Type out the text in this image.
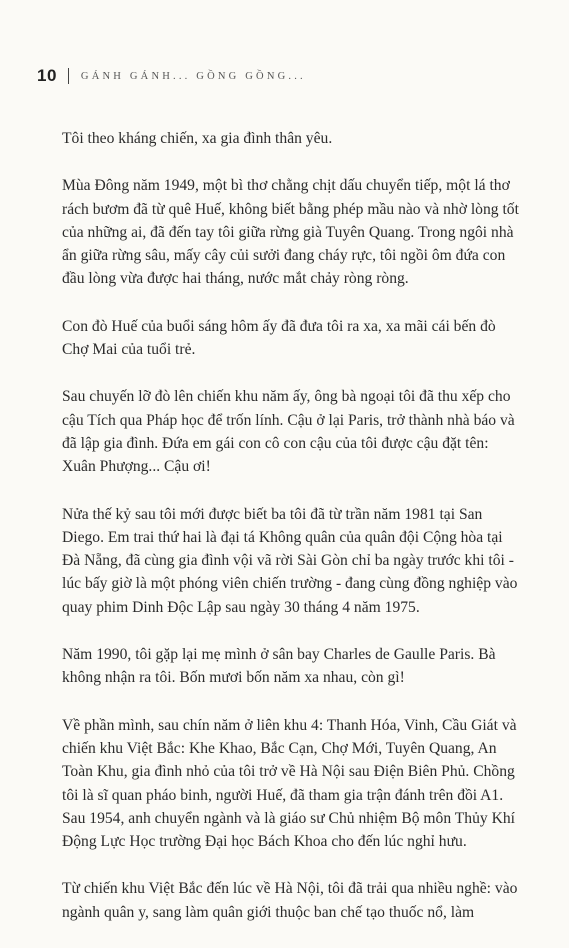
10 GÁNH GÁNH... GỒNG GỒNG...

Tôi theo kháng chiến, xa gia đình thân yêu.

Mùa Đông năm 1949, một bì thơ chằng chịt dấu chuyển tiếp, một lá thơ rách bươm đã từ quê Huế, không biết bằng phép mầu nào và nhờ lòng tốt của những ai, đã đến tay tôi giữa rừng già Tuyên Quang. Trong ngôi nhà ẩn giữa rừng sâu, mấy cây củi sưởi đang cháy rực, tôi ngồi ôm đứa con đầu lòng vừa được hai tháng, nước mắt chảy ròng ròng.

Con đò Huế của buổi sáng hôm ấy đã đưa tôi ra xa, xa mãi cái bến đò Chợ Mai của tuổi trẻ.

Sau chuyến lỡ đò lên chiến khu năm ấy, ông bà ngoại tôi đã thu xếp cho cậu Tích qua Pháp học để trốn lính. Cậu ở lại Paris, trở thành nhà báo và đã lập gia đình. Đứa em gái con cô con cậu của tôi được cậu đặt tên: Xuân Phượng... Cậu ơi!

Nửa thế kỷ sau tôi mới được biết ba tôi đã từ trần năm 1981 tại San Diego. Em trai thứ hai là đại tá Không quân của quân đội Cộng hòa tại Đà Nẵng, đã cùng gia đình vội vã rời Sài Gòn chỉ ba ngày trước khi tôi - lúc bấy giờ là một phóng viên chiến trường - đang cùng đồng nghiệp vào quay phim Dinh Độc Lập sau ngày 30 tháng 4 năm 1975.

Năm 1990, tôi gặp lại mẹ mình ở sân bay Charles de Gaulle Paris. Bà không nhận ra tôi. Bốn mươi bốn năm xa nhau, còn gì!

Về phần mình, sau chín năm ở liên khu 4: Thanh Hóa, Vinh, Cầu Giát và chiến khu Việt Bắc: Khe Khao, Bắc Cạn, Chợ Mới, Tuyên Quang, An Toàn Khu, gia đình nhỏ của tôi trở về Hà Nội sau Điện Biên Phủ. Chồng tôi là sĩ quan pháo binh, người Huế, đã tham gia trận đánh trên đồi A1. Sau 1954, anh chuyển ngành và là giáo sư Chủ nhiệm Bộ môn Thủy Khí Động Lực Học trường Đại học Bách Khoa cho đến lúc nghỉ hưu.

Từ chiến khu Việt Bắc đến lúc về Hà Nội, tôi đã trải qua nhiều nghề: vào ngành quân y, sang làm quân giới thuộc ban chế tạo thuốc nổ, làm
